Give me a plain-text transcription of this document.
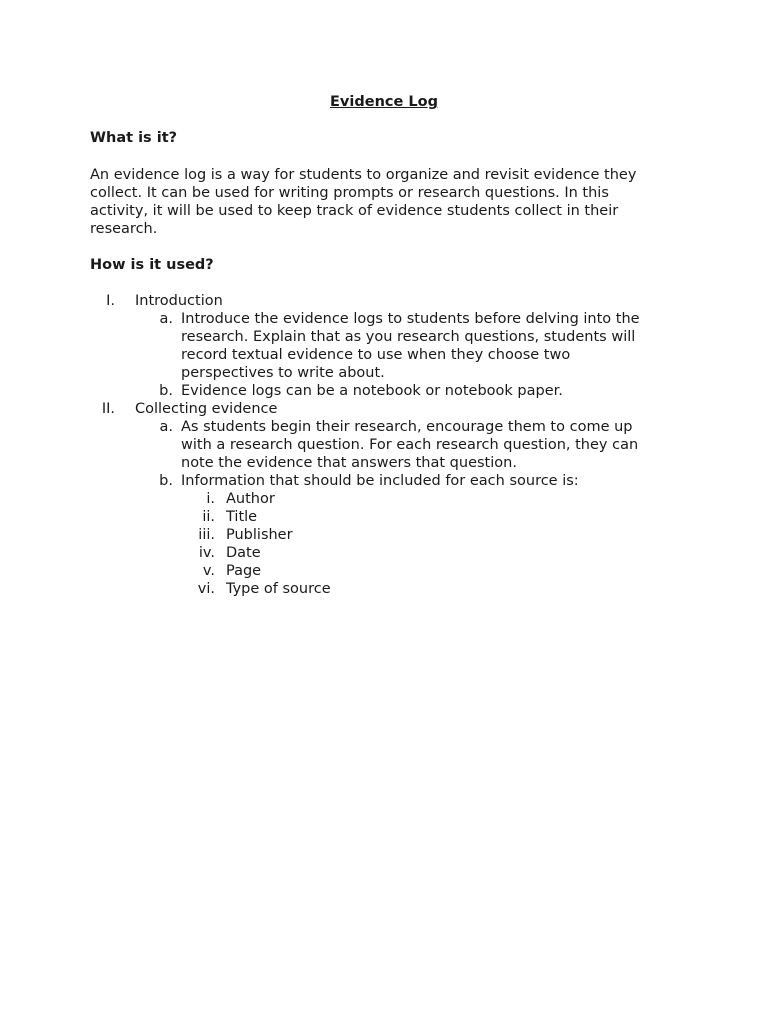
Evidence Log
What is it?
An evidence log is a way for students to organize and revisit evidence they
collect. It can be used for writing prompts or research questions. In this
activity, it will be used to keep track of evidence students collect in their
research.
How is it used?
I. Introduction
a. Introduce the evidence logs to students before delving into the
research. Explain that as you research questions, students will
record textual evidence to use when they choose two
perspectives to write about.
b. Evidence logs can be a notebook or notebook paper.
II. Collecting evidence
a. As students begin their research, encourage them to come up
with a research question. For each research question, they can
note the evidence that answers that question.
b. Information that should be included for each source is:
i. Author
ii. Title
iii. Publisher
iv. Date
v. Page
vi. Type of source
